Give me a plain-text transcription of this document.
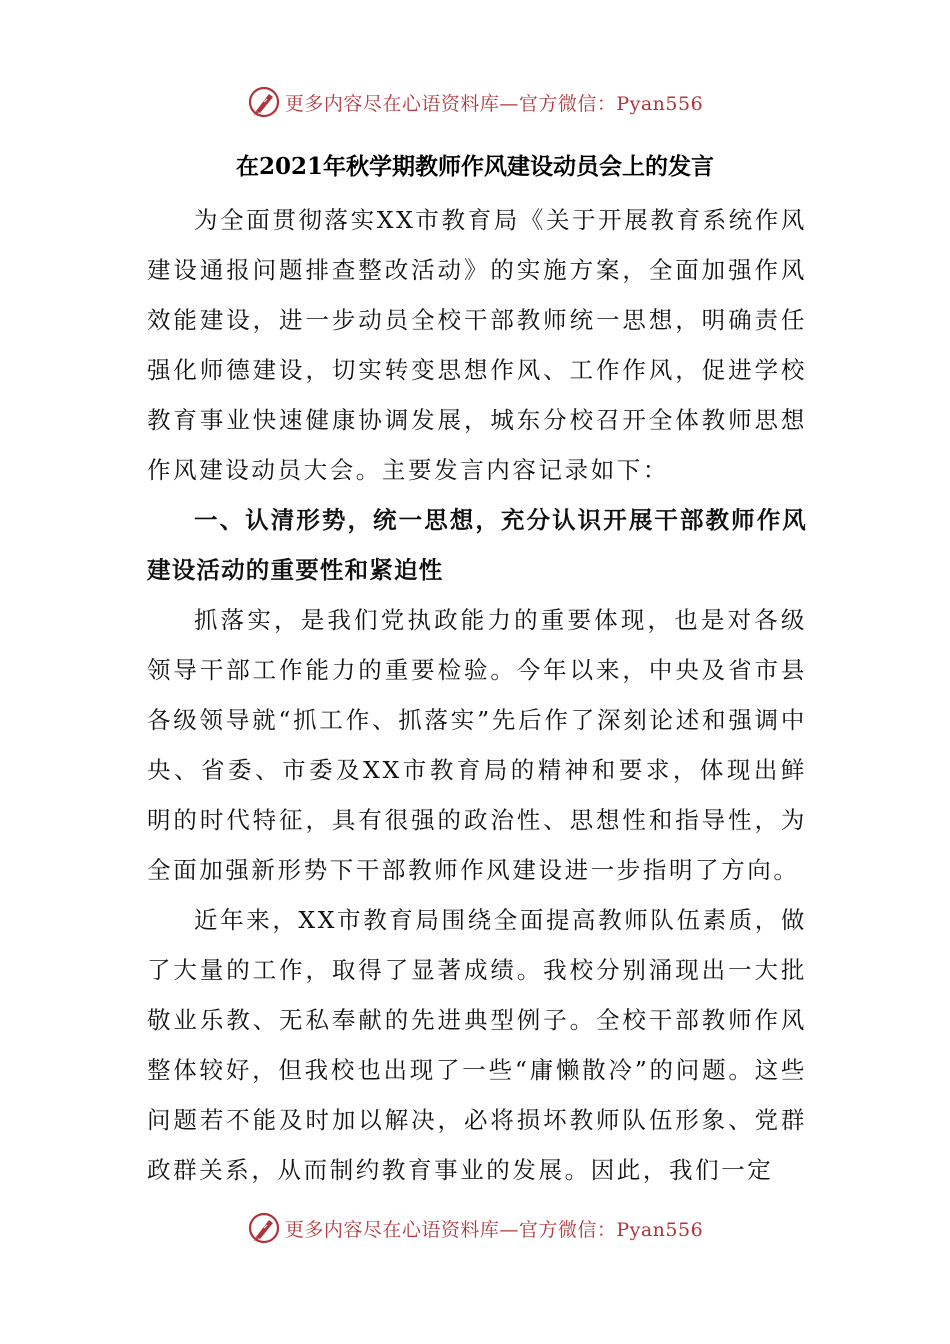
更多内容尽在心语资料库—官方微信：Pyan556
在2021年秋学期教师作风建设动员会上的发言

为全面贯彻落实XX市教育局《关于开展教育系统作风建设通报问题排查整改活动》的实施方案，全面加强作风效能建设，进一步动员全校干部教师统一思想，明确责任强化师德建设，切实转变思想作风、工作作风，促进学校教育事业快速健康协调发展，城东分校召开全体教师思想作风建设动员大会。主要发言内容记录如下：

一、认清形势，统一思想，充分认识开展干部教师作风建设活动的重要性和紧迫性

抓落实，是我们党执政能力的重要体现，也是对各级领导干部工作能力的重要检验。今年以来，中央及省市县各级领导就“抓工作、抓落实”先后作了深刻论述和强调中央、省委、市委及XX市教育局的精神和要求，体现出鲜明的时代特征，具有很强的政治性、思想性和指导性，为全面加强新形势下干部教师作风建设进一步指明了方向。

近年来，XX市教育局围绕全面提高教师队伍素质，做了大量的工作，取得了显著成绩。我校分别涌现出一大批敬业乐教、无私奉献的先进典型例子。全校干部教师作风整体较好，但我校也出现了一些“庸懒散冷”的问题。这些问题若不能及时加以解决，必将损坏教师队伍形象、党群政群关系，从而制约教育事业的发展。因此，我们一定

更多内容尽在心语资料库—官方微信：Pyan556
